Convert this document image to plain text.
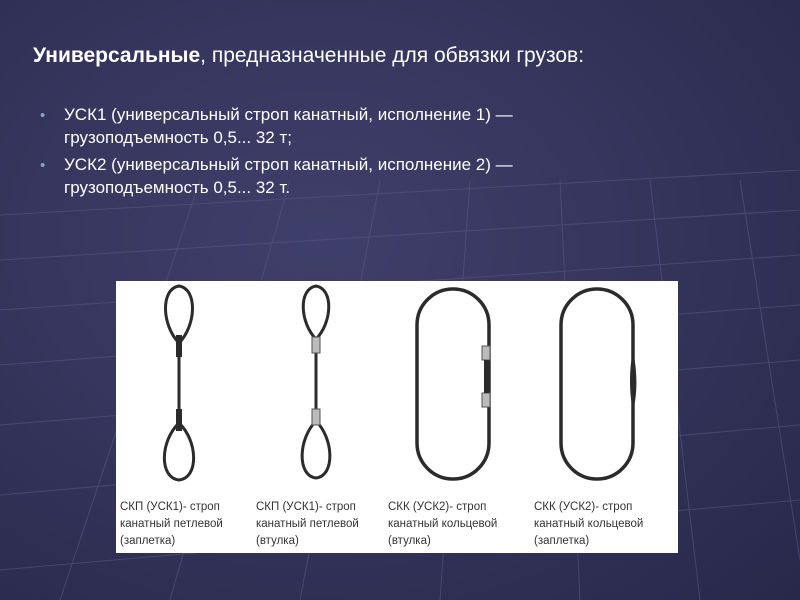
Универсальные, предназначенные для обвязки грузов:
• УСК1 (универсальный строп канатный, исполнение 1) —
грузоподъемность 0,5... 32 т;
• УСК2 (универсальный строп канатный, исполнение 2) —
грузоподъемность 0,5... 32 т.
СКП (УСК1)- строп
канатный петлевой
(заплетка)
СКП (УСК1)- строп
канатный петлевой
(втулка)
СКК (УСК2)- строп
канатный кольцевой
(втулка)
СКК (УСК2)- строп
канатный кольцевой
(заплетка)
